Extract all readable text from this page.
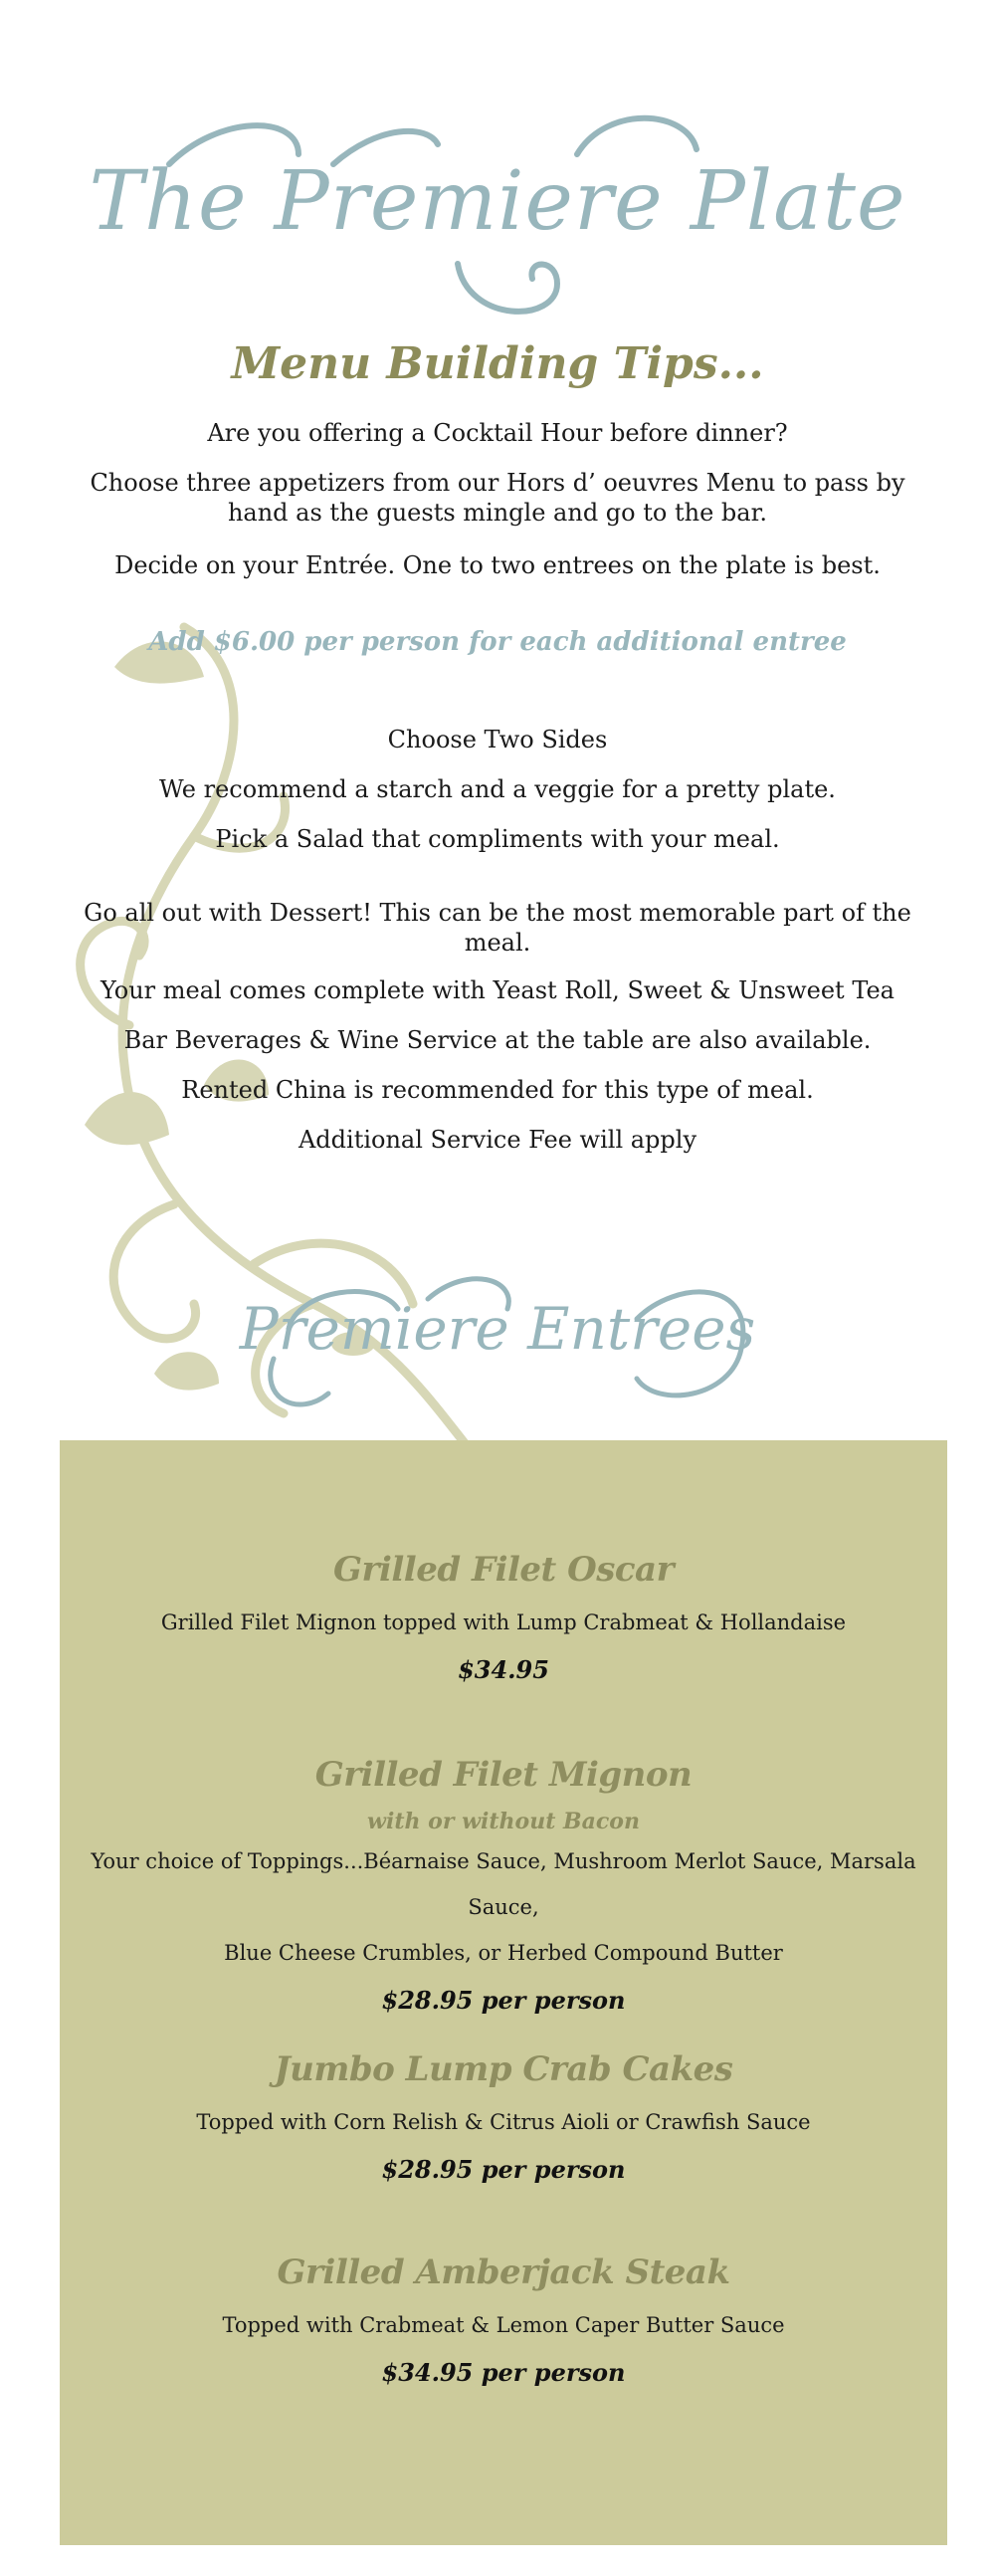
The Premiere Plate
Menu Building Tips...
Are you offering a Cocktail Hour before dinner?
Choose three appetizers from our Hors d’ oeuvres Menu to pass by hand as the guests mingle and go to the bar.
Decide on your Entrée. One to two entrees on the plate is best.
Add $6.00 per person for each additional entree
Choose Two Sides
We recommend a starch and a veggie for a pretty plate.
Pick a Salad that compliments with your meal.
Go all out with Dessert! This can be the most memorable part of the meal.
Your meal comes complete with Yeast Roll, Sweet & Unsweet Tea
Bar Beverages & Wine Service at the table are also available.
Rented China is recommended for this type of meal.
Additional Service Fee will apply
Premiere Entrees
Grilled Filet Oscar
Grilled Filet Mignon topped with Lump Crabmeat & Hollandaise
$34.95
Grilled Filet Mignon
with or without Bacon
Your choice of Toppings...Béarnaise Sauce, Mushroom Merlot Sauce, Marsala Sauce,
Blue Cheese Crumbles, or Herbed Compound Butter
$28.95 per person
Jumbo Lump Crab Cakes
Topped with Corn Relish & Citrus Aioli or Crawfish Sauce
$28.95 per person
Grilled Amberjack Steak
Topped with Crabmeat & Lemon Caper Butter Sauce
$34.95 per person
